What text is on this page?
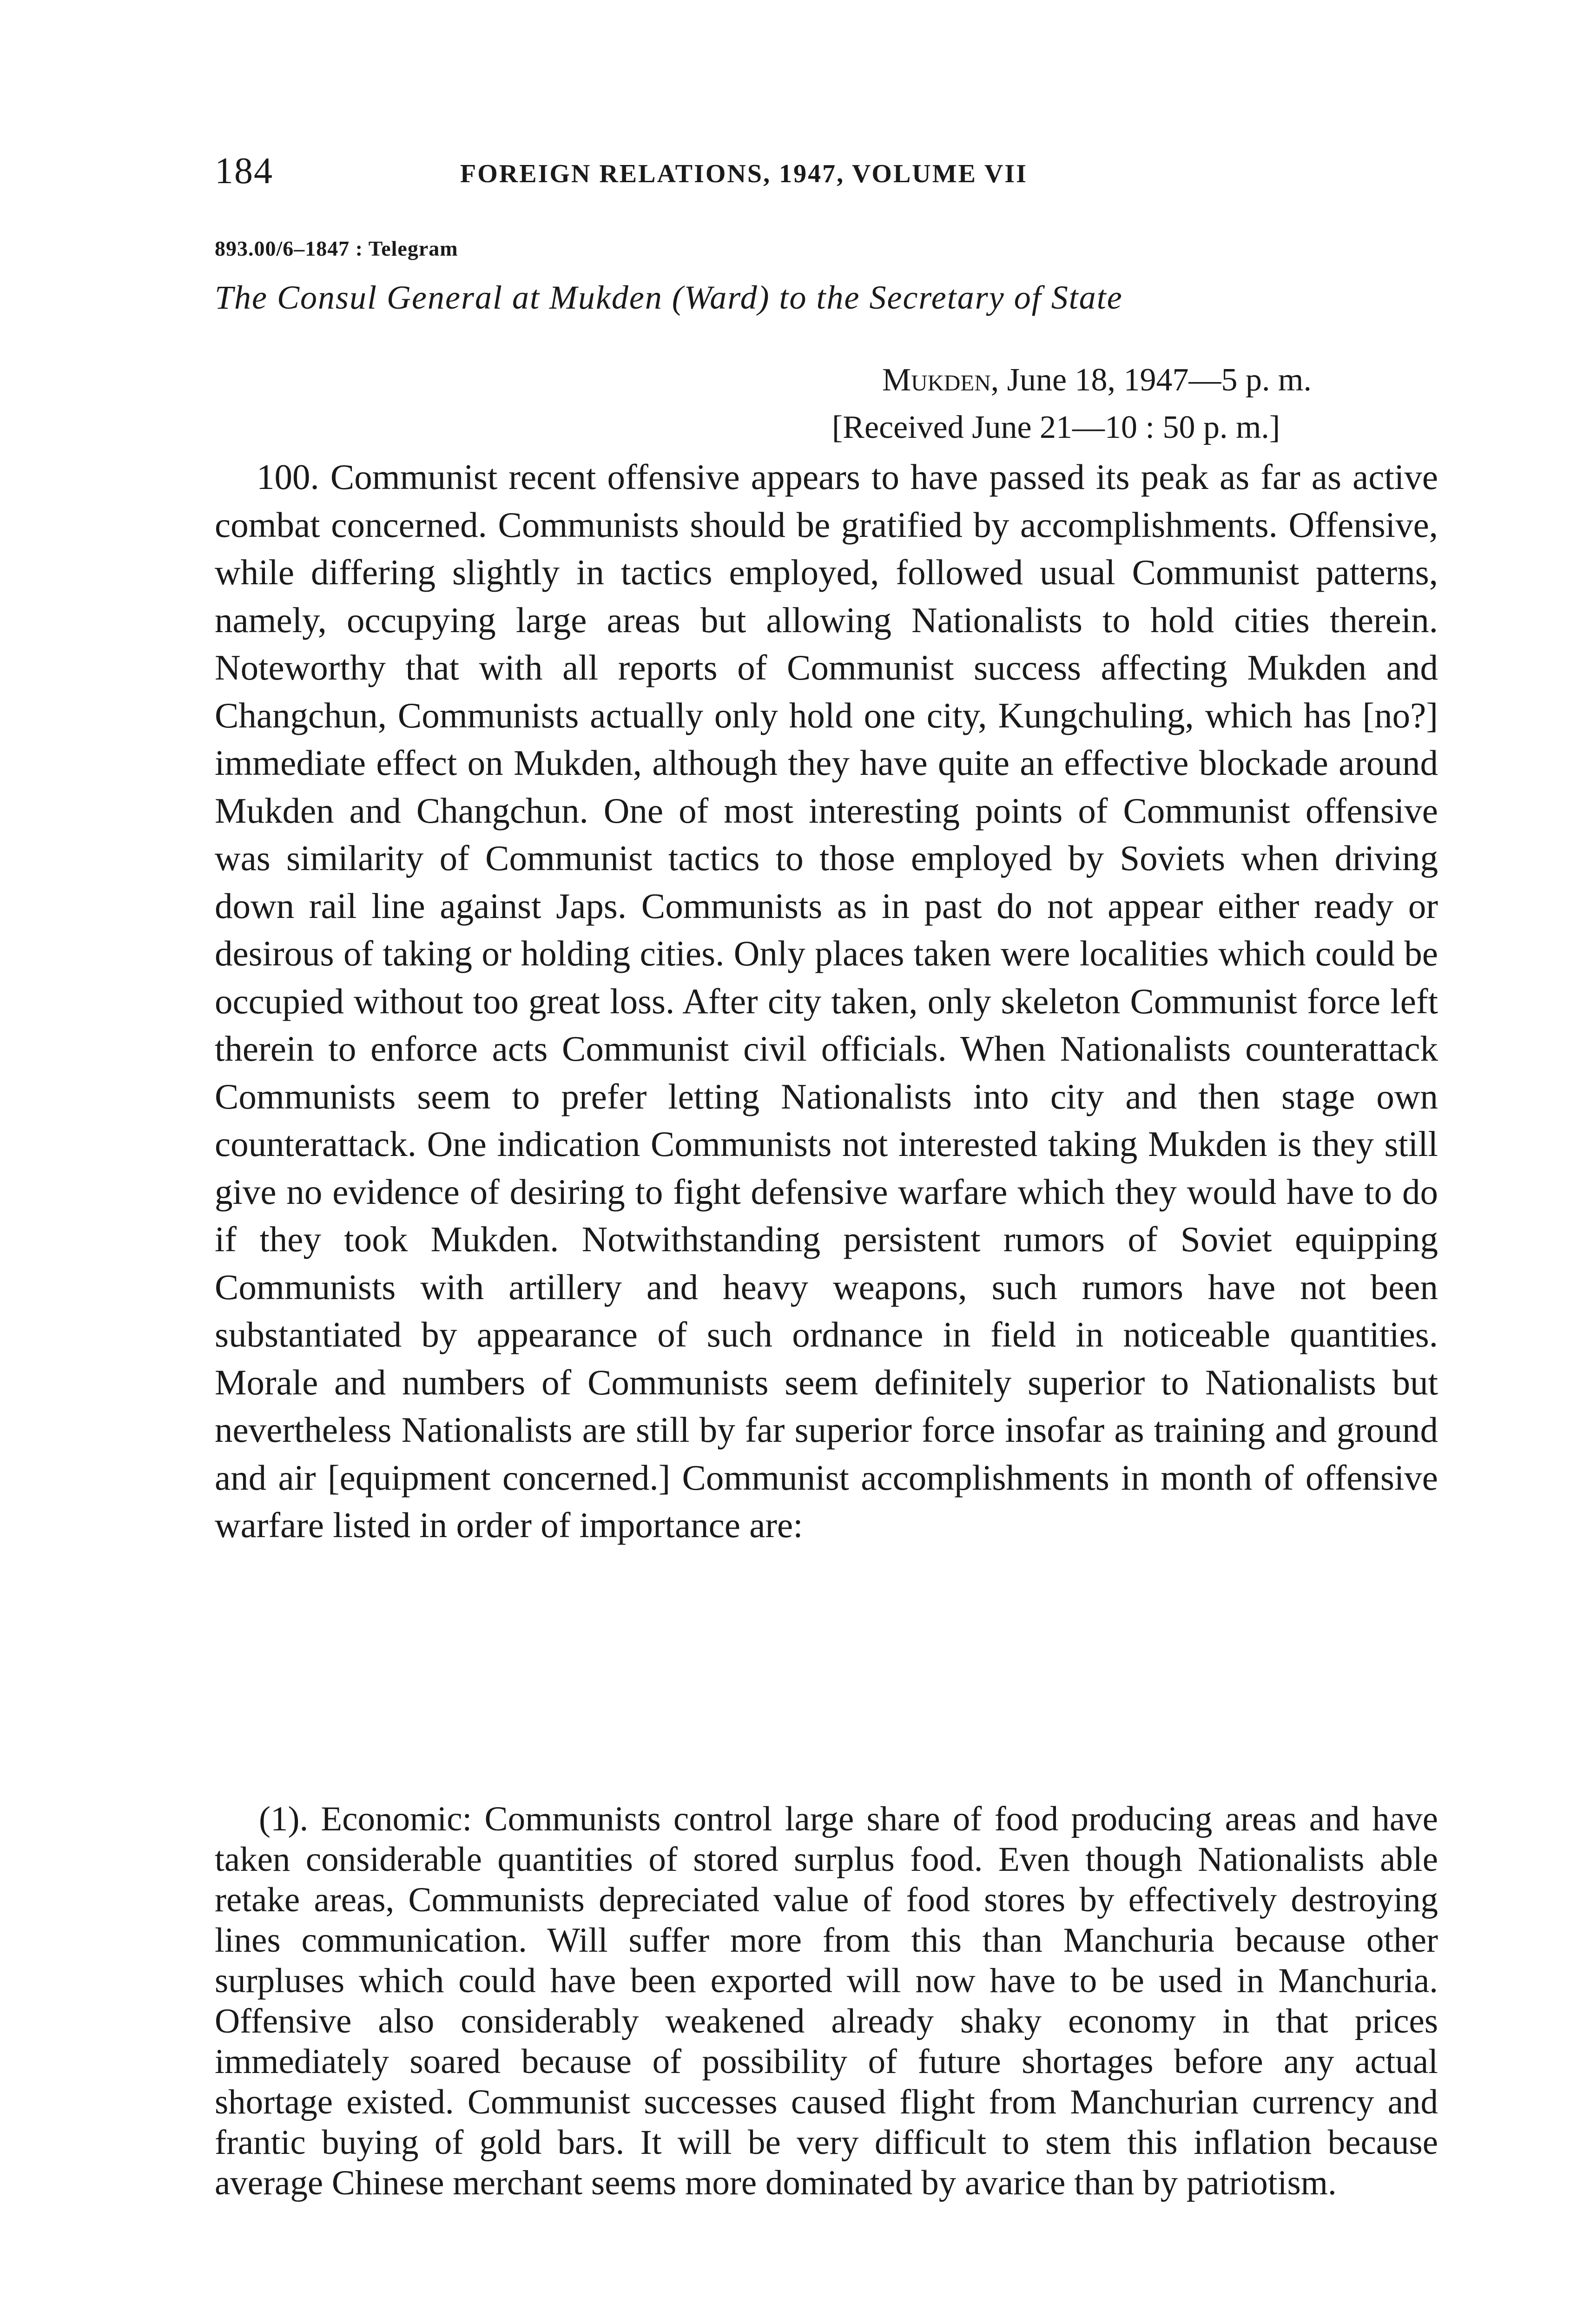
184	FOREIGN RELATIONS, 1947, VOLUME VII
893.00/6–1847 : Telegram
The Consul General at Mukden (Ward) to the Secretary of State
Mukden, June 18, 1947—5 p. m.
[Received June 21—10 : 50 p. m.]

100. Communist recent offensive appears to have passed its peak as far as active combat concerned. Communists should be gratified by accomplishments. Offensive, while differing slightly in tactics employed, followed usual Communist patterns, namely, occupying large areas but allowing Nationalists to hold cities therein. Noteworthy that with all reports of Communist success affecting Mukden and Changchun, Communists actually only hold one city, Kungchuling, which has [no?] immediate effect on Mukden, although they have quite an effective blockade around Mukden and Changchun. One of most interesting points of Communist offensive was similarity of Communist tactics to those employed by Soviets when driving down rail line against Japs. Communists as in past do not appear either ready or desirous of taking or holding cities. Only places taken were localities which could be occupied without too great loss. After city taken, only skeleton Communist force left therein to enforce acts Communist civil officials. When Nationalists counterattack Communists seem to prefer letting Nationalists into city and then stage own counterattack. One indication Communists not interested taking Mukden is they still give no evidence of desiring to fight defensive warfare which they would have to do if they took Mukden. Notwithstanding persistent rumors of Soviet equipping Communists with artillery and heavy weapons, such rumors have not been substantiated by appearance of such ordnance in field in noticeable quantities. Morale and numbers of Communists seem definitely superior to Nationalists but nevertheless Nationalists are still by far superior force insofar as training and ground and air [equipment concerned.] Communist accomplishments in month of offensive warfare listed in order of importance are:

(1). Economic: Communists control large share of food producing areas and have taken considerable quantities of stored surplus food. Even though Nationalists able retake areas, Communists depreciated value of food stores by effectively destroying lines communication. Will suffer more from this than Manchuria because other surpluses which could have been exported will now have to be used in Manchuria. Offensive also considerably weakened already shaky economy in that prices immediately soared because of possibility of future shortages before any actual shortage existed. Communist successes caused flight from Manchurian currency and frantic buying of gold bars. It will be very difficult to stem this inflation because average Chinese merchant seems more dominated by avarice than by patriotism.
